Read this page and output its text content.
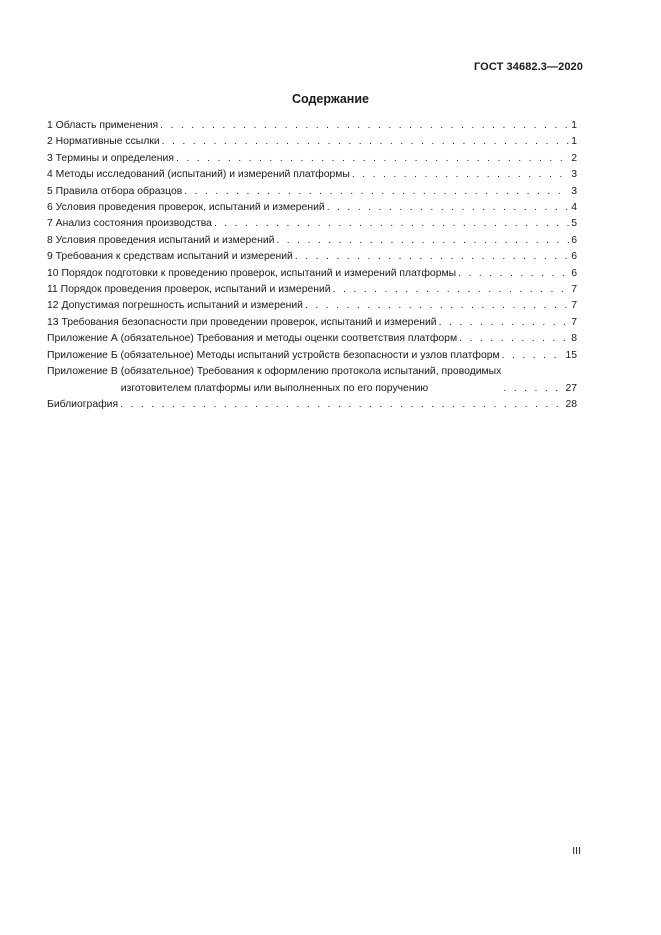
ГОСТ 34682.3—2020
Содержание
1 Область применения . . .	1
2 Нормативные ссылки . . .	1
3 Термины и определения . . .	2
4 Методы исследований (испытаний) и измерений платформы . . .	3
5 Правила отбора образцов . . .	3
6 Условия проведения проверок, испытаний и измерений . . .	4
7 Анализ состояния производства . . .	5
8 Условия проведения испытаний и измерений . . .	6
9 Требования к средствам испытаний и измерений . . .	6
10 Порядок подготовки к проведению проверок, испытаний и измерений платформы . . .	6
11 Порядок проведения проверок, испытаний и измерений . . .	7
12 Допустимая погрешность испытаний и измерений . . .	7
13 Требования безопасности при проведении проверок, испытаний и измерений . . .	7
Приложение А (обязательное) Требования и методы оценки соответствия платформ . . .	8
Приложение Б (обязательное) Методы испытаний устройств безопасности и узлов платформ . . .	15
Приложение В (обязательное) Требования к оформлению протокола испытаний, проводимых
изготовителем платформы или выполненных по его поручению . . .	27
Библиография . . .	28
III
